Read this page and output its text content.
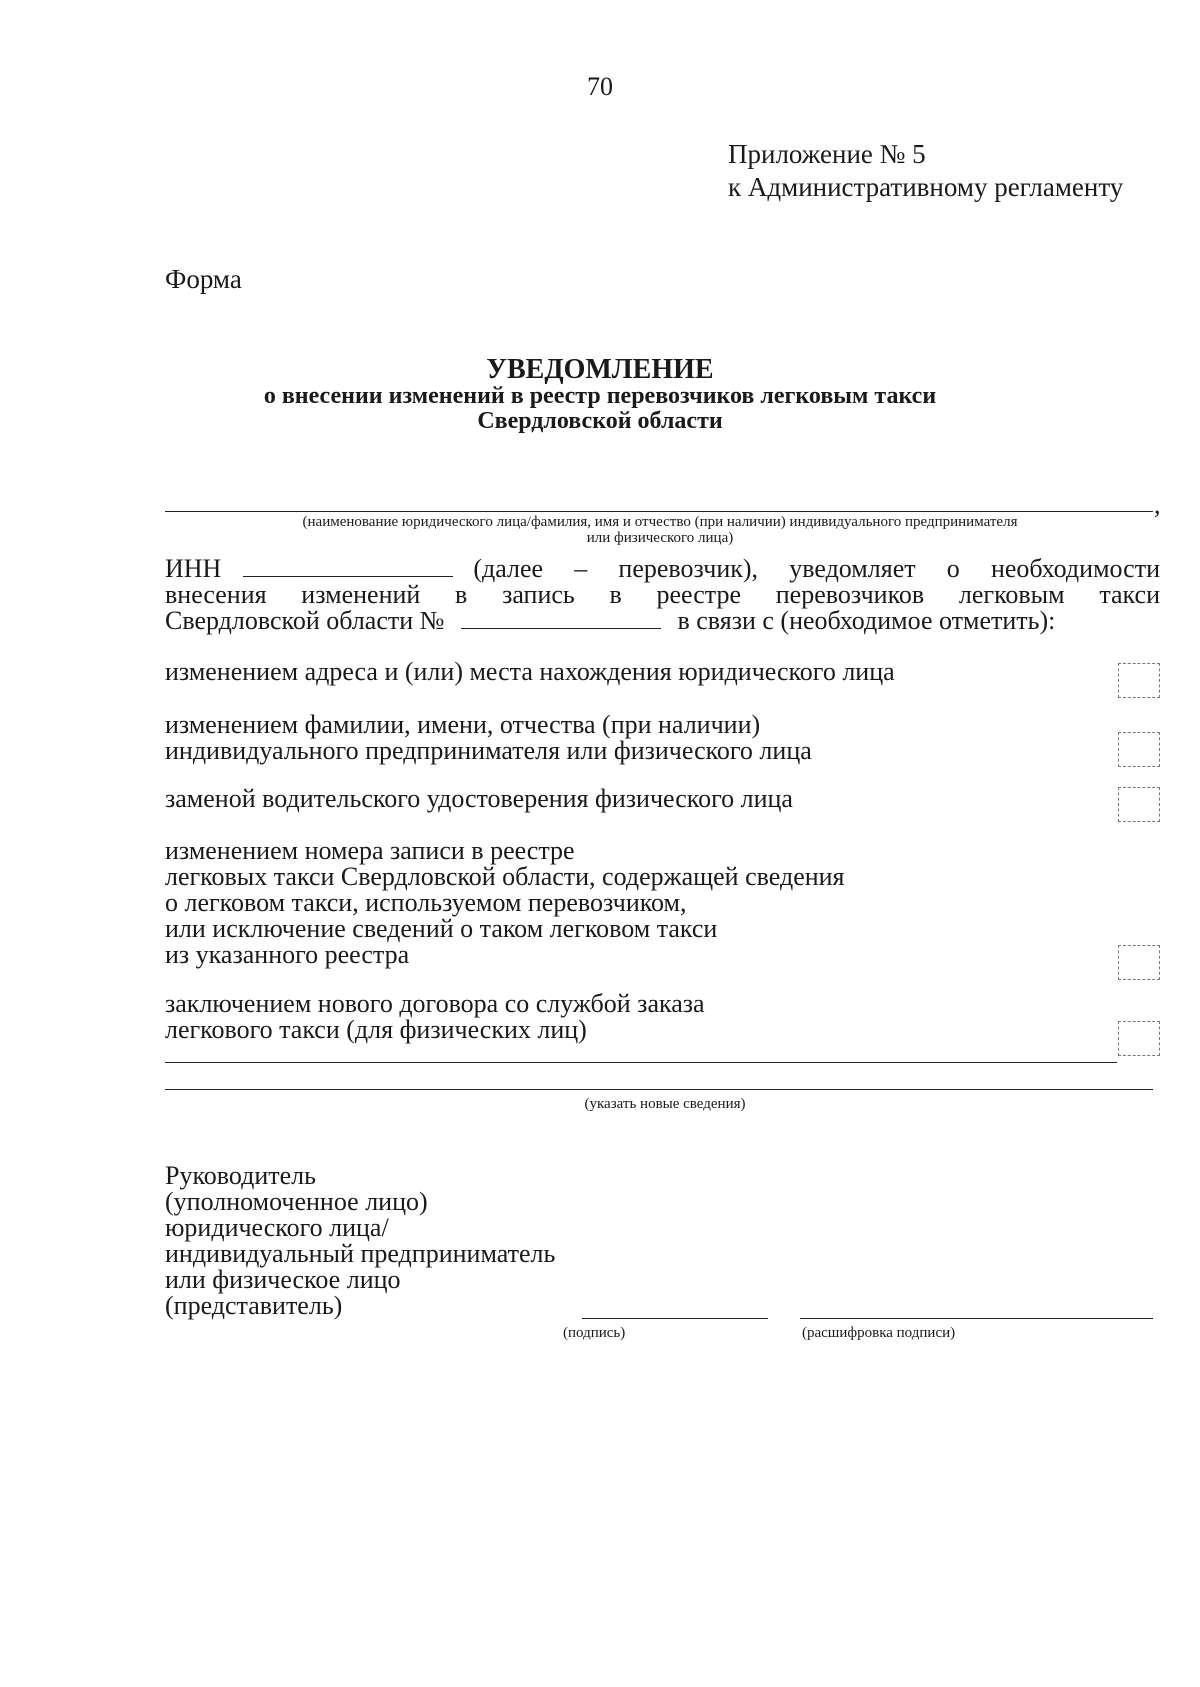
70
Приложение № 5
к Административному регламенту
Форма
УВЕДОМЛЕНИЕ
о внесении изменений в реестр перевозчиков легковым такси
Свердловской области
,
(наименование юридического лица/фамилия, имя и отчество (при наличии) индивидуального предпринимателя
или физического лица)
ИНН	(далее – перевозчик), уведомляет о необходимости
внесения изменений в запись в реестре перевозчиков легковым такси
Свердловской области №	в связи с (необходимое отметить):
изменением адреса и (или) места нахождения юридического лица
изменением фамилии, имени, отчества (при наличии)
индивидуального предпринимателя или физического лица
заменой водительского удостоверения физического лица
изменением номера записи в реестре
легковых такси Свердловской области, содержащей сведения
о легковом такси, используемом перевозчиком,
или исключение сведений о таком легковом такси
из указанного реестра
заключением нового договора со службой заказа
легкового такси (для физических лиц)
(указать новые сведения)
Руководитель
(уполномоченное лицо)
юридического лица/
индивидуальный предприниматель
или физическое лицо
(представитель)
(подпись)	(расшифровка подписи)
